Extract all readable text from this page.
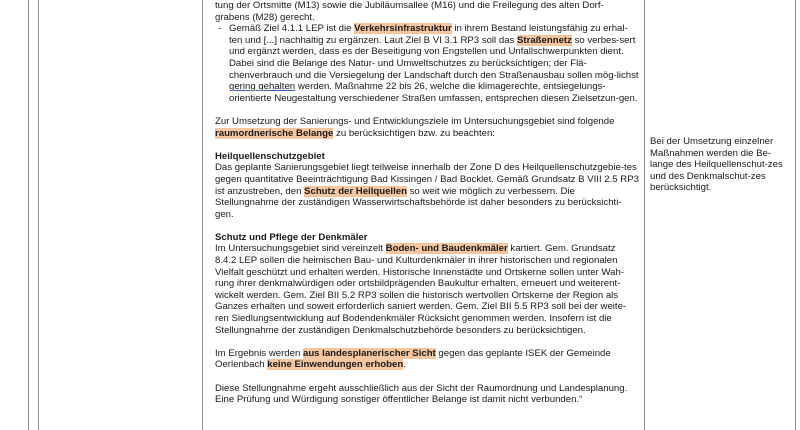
tung der Ortsmitte (M13) sowie die Jubiläumsallee (M16) und die Freilegung des alten Dorf-

grabens (M28) gerecht.

- Gemäß Ziel 4.1.1 LEP ist die Verkehrsinfrastruktur in ihrem Bestand leistungsfähig zu erhal-ten und [...] nachhaltig zu ergänzen. Laut Ziel B VI 3.1 RP3 soll das Straßennetz so verbes-sert und ergänzt werden, dass es der Beseitigung von Engstellen und Unfallschwerpunkten dient. Dabei sind die Belange des Natur- und Umweltschutzes zu berücksichtigen; der Flä-chenverbrauch und die Versiegelung der Landschaft durch den Straßenausbau sollen mög-lichst gering gehalten werden. Maßnahme 22 bis 26, welche die klimagerechte, entsiegelungs-orientierte Neugestaltung verschiedener Straßen umfassen, entsprechen diesen Zielsetzun-gen.

Zur Umsetzung der Sanierungs- und Entwicklungsziele im Untersuchungsgebiet sind folgende raumordnerische Belange zu berücksichtigen bzw. zu beachten:

Heilquellenschutzgebiet

Das geplante Sanierungsgebiet liegt teilweise innerhalb der Zone D des Heilquellenschutzgebie-tes gegen quantitative Beeinträchtigung Bad Kissingen / Bad Bocklet. Gemäß Grundsatz B VIII 2.5 RP3 ist anzustreben, den Schutz der Heilquellen so weit wie möglich zu verbessern. Die Stellungnahme der zuständigen Wasserwirtschaftsbehörde ist daher besonders zu berücksichti-gen.

Schutz und Pflege der Denkmäler

Im Untersuchungsgebiet sind vereinzelt Boden- und Baudenkmäler kartiert. Gem. Grundsatz 8.4.2 LEP sollen die heimischen Bau- und Kulturdenkmäler in ihrer historischen und regionalen Vielfalt geschützt und erhalten werden. Historische Innenstädte und Ortskerne sollen unter Wah-rung ihrer denkmalwürdigen oder ortsbildprägenden Baukultur erhalten, erneuert und weiterent-wickelt werden. Gem. Ziel BII 5.2 RP3 sollen die historisch wertvollen Ortskerne der Region als Ganzes erhalten und soweit erforderlich saniert werden. Gem. Ziel BII 5.5 RP3 soll bei der weite-ren Siedlungsentwicklung auf Bodendenkmäler Rücksicht genommen werden. Insofern ist die Stellungnahme der zuständigen Denkmalschutzbehörde besonders zu berücksichtigen.

Im Ergebnis werden aus landesplanerischer Sicht gegen das geplante ISEK der Gemeinde Oerlenbach keine Einwendungen erhoben.

Diese Stellungnahme ergeht ausschließlich aus der Sicht der Raumordnung und Landesplanung. Eine Prüfung und Würdigung sonstiger öffentlicher Belange ist damit nicht verbunden.“

Bei der Umsetzung einzelner Maßnahmen werden die Be-lange des Heilquellenschut-zes und des Denkmalschut-zes berücksichtigt.
